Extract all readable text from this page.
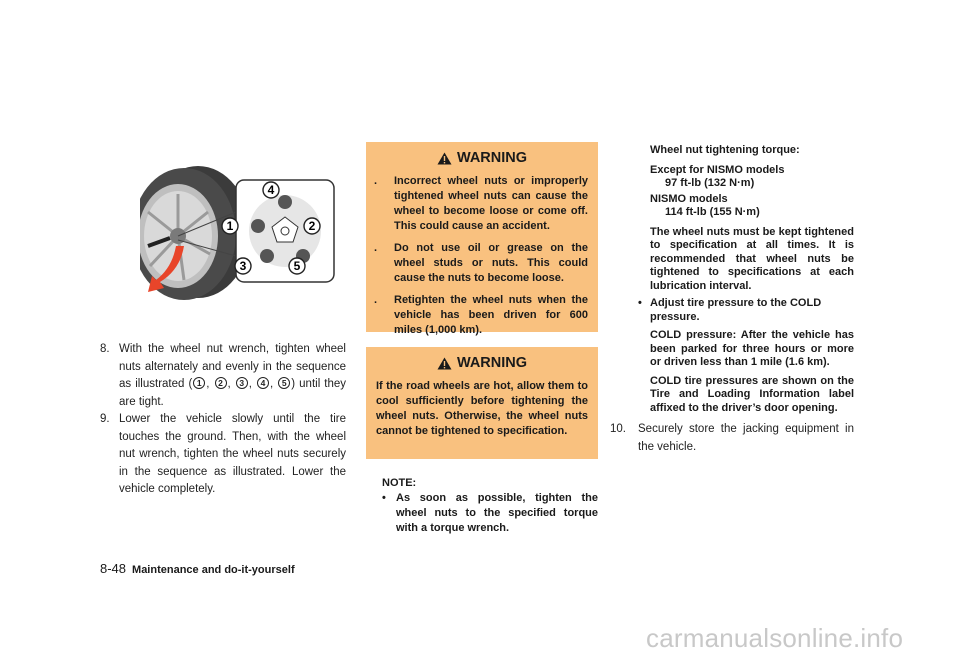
4
1	2
3	5
8. With the wheel nut wrench, tighten wheel nuts alternately and evenly in the sequence as illustrated ( 1 , 2 , 3 , 4 , 5 ) until they are tight.
9. Lower the vehicle slowly until the tire touches the ground. Then, with the wheel nut wrench, tighten the wheel nuts securely in the sequence as illustrated. Lower the vehicle completely.
WARNING
. Incorrect wheel nuts or improperly tightened wheel nuts can cause the wheel to become loose or come off. This could cause an accident.
. Do not use oil or grease on the wheel studs or nuts. This could cause the nuts to become loose.
. Retighten the wheel nuts when the vehicle has been driven for 600 miles (1,000 km).
WARNING

If the road wheels are hot, allow them to cool sufficiently before tightening the wheel nuts. Otherwise, the wheel nuts cannot be tightened to specification.

NOTE:
• As soon as possible, tighten the wheel nuts to the specified torque with a torque wrench.
Wheel nut tightening torque:
Except for NISMO models
97 ft-lb (132 N·m)
NISMO models
114 ft-lb (155 N·m)
The wheel nuts must be kept tightened to specification at all times. It is recommended that wheel nuts be tightened to specifications at each lubrication interval.
• Adjust tire pressure to the COLD pressure.
COLD pressure: After the vehicle has been parked for three hours or more or driven less than 1 mile (1.6 km).
COLD tire pressures are shown on the Tire and Loading Information label affixed to the driver’s door opening.
10. Securely store the jacking equipment in the vehicle.
8-48 Maintenance and do-it-yourself
carmanualsonline.info
